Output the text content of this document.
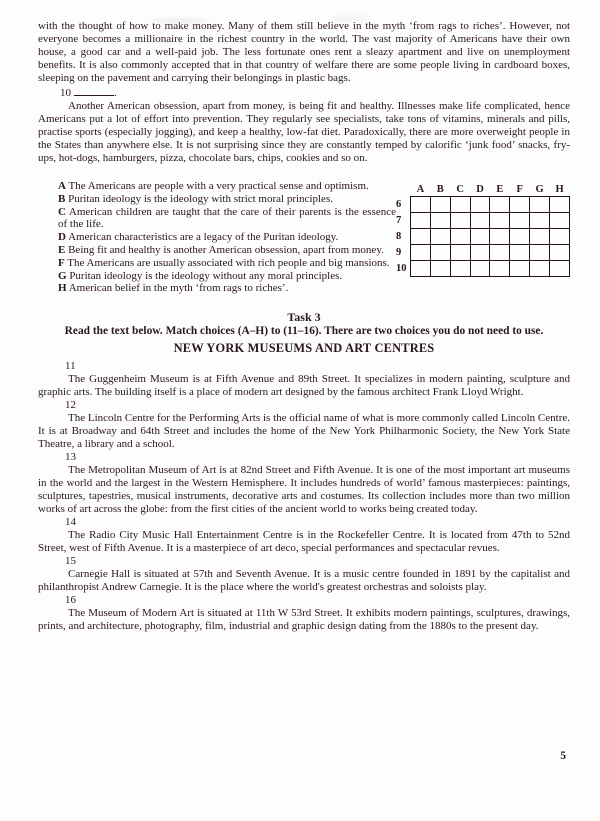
with the thought of how to make money. Many of them still believe in the myth ‘from rags to riches’. However, not everyone becomes a millionaire in the richest country in the world. The vast majority of Americans have their own house, a good car and a well-paid job. The less fortunate ones rent a sleazy apartment and live on unemployment benefits. It is also commonly accepted that in that country of welfare there are some people living in cardboard boxes, sleeping on the pavement and carrying their belongings in plastic bags.

10	.

Another American obsession, apart from money, is being fit and healthy. Illnesses make life complicated, hence Americans put a lot of effort into prevention. They regularly see specialists, take tons of vitamins, minerals and pills, practise sports (especially jogging), and keep a healthy, low-fat diet. Paradoxically, there are more overweight people in the States than anywhere else. It is not surprising since they are constantly temped by calorific ‘junk food’ snacks, fry-ups, hot-dogs, hamburgers, pizza, chocolate bars, chips, cookies and so on.

A The Americans are people with a very practical sense and optimism.
B Puritan ideology is the ideology with strict moral principles.
C American children are taught that the care of their parents is the essence of the life.
D American characteristics are a legacy of the Puritan ideology.
E Being fit and healthy is another American obsession, apart from money.
F The Americans are usually associated with rich people and big mansions.
G Puritan ideology is the ideology without any moral principles.
H American belief in the myth ‘from rags to riches’.
	A	B	C	D	E	F	G	H
6								
7								
8								
9								
10								
Task 3

Read the text below. Match choices (A–H) to (11–16). There are two choices you do not need to use.

NEW YORK MUSEUMS AND ART CENTRES
11

The Guggenheim Museum is at Fifth Avenue and 89th Street. It specializes in modern painting, sculpture and graphic arts. The building itself is a place of modern art designed by the famous architect Frank Lloyd Wright.

12

The Lincoln Centre for the Performing Arts is the official name of what is more commonly called Lincoln Centre. It is at Broadway and 64th Street and includes the home of the New York Philharmonic Society, the New York State Theatre, a library and a school.

13

The Metropolitan Museum of Art is at 82nd Street and Fifth Avenue. It is one of the most important art museums in the world and the largest in the Western Hemisphere. It includes hundreds of world’ famous masterpieces: paintings, sculptures, tapestries, musical instruments, decorative arts and costumes. Its collection includes more than two million works of art across the globe: from the first cities of the ancient world to works being created today.

14

The Radio City Music Hall Entertainment Centre is in the Rockefeller Centre. It is located from 47th to 52nd Street, west of Fifth Avenue. It is a masterpiece of art deco, special performances and spectacular revues.

15

Carnegie Hall is situated at 57th and Seventh Avenue. It is a music centre founded in 1891 by the capitalist and philanthropist Andrew Carnegie. It is the place where the world's greatest orchestras and soloists play.

16

The Museum of Modern Art is situated at 11th W 53rd Street. It exhibits modern paintings, sculptures, drawings, prints, and architecture, photography, film, industrial and graphic design dating from the 1880s to the present day.

5
